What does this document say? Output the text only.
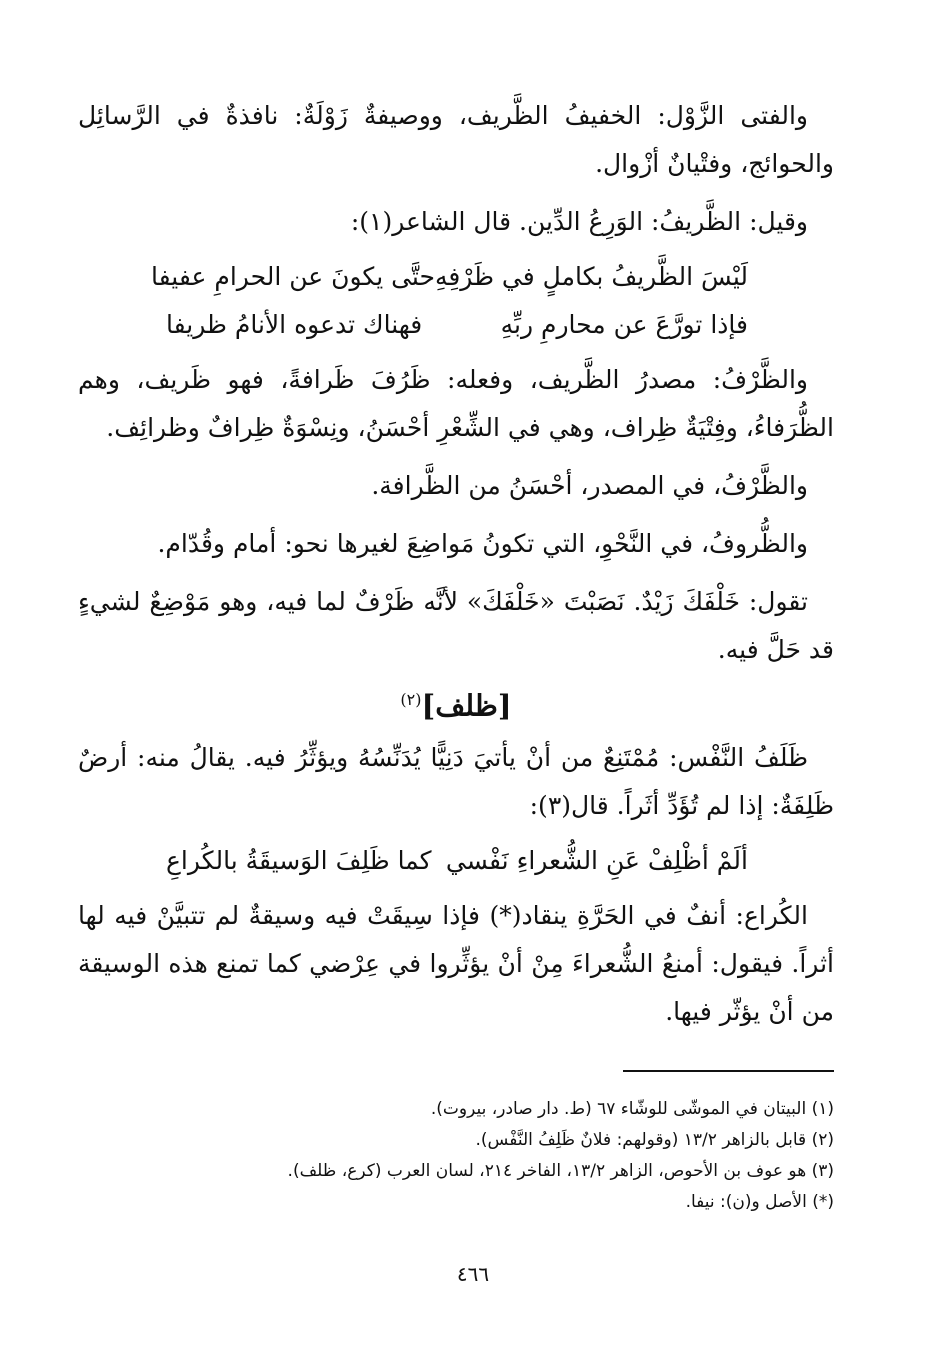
والفتى الزَّوْل: الخفيفُ الظَّريف، ووصيفةٌ زَوْلَةٌ: نافذةٌ في الرَّسائِل والحوائج، وفتْيانٌ أزْوال.

وقيل: الظَّريفُ: الوَرِعُ الدِّين. قال الشاعر(١):

لَيْسَ الظَّريفُ بكاملٍ في ظَرْفِهِ
حتَّى يكونَ عن الحرامِ عفيفا
فإذا تورَّعَ عن محارمِ ربِّهِ
فهناك تدعوه الأنامُ ظريفا

والظَّرْفُ: مصدرُ الظَّريف، وفعله: ظَرُفَ ظَرافةً، فهو ظَريف، وهم الظُّرَفاءُ، وفِتْيَةٌ ظِراف، وهي في الشِّعْرِ أحْسَنُ، ونِسْوَةٌ ظِرافٌ وظرائِف.

والظَّرْفُ، في المصدر، أحْسَنُ من الظَّرافة.

والظُّروفُ، في النَّحْوِ، التي تكونُ مَواضِعَ لغيرها نحو: أمام وقُدّام.

تقول: خَلْفَكَ زَيْدٌ. نَصَبْتَ «خَلْفَكَ» لأنَّه ظَرْفٌ لما فيه، وهو مَوْضِعٌ لشيءٍ قد حَلَّ فيه.

[ظلف]$^{(٢)}$

ظَلَفُ النَّفْس: مُمْتَنِعٌ من أنْ يأتيَ دَنِيًّا يُدَنِّسُهُ ويؤثِّرُ فيه. يقالُ منه: أرضٌ ظَلِفَةٌ: إذا لم تُؤَدِّ أثَراً. قال(٣):

ألَمْ أظْلِفْ عَنِ الشُّعراءِ نَفْسي
كما ظَلِفَ الوَسيقَةُ بالكُراعِ

الكُراع: أنفٌ في الحَرَّةِ ينقاد(*) فإذا سِيقَتْ فيه وسيقةٌ لم تتبيَّنْ فيه لها أثراً. فيقول: أمنعُ الشُّعراءَ مِنْ أنْ يؤثِّروا في عِرْضي كما تمنع هذه الوسيقة من أنْ يؤثّر فيها.

(١) البيتان في الموشّى للوشّاء ٦٧ (ط. دار صادر، بيروت).

(٢) قابل بالزاهر ١٣/٢ (وقولهم: فلانٌ ظَلِفُ النَّفْس).

(٣) هو عوف بن الأحوص، الزاهر ١٣/٢، الفاخر ٢١٤، لسان العرب (كرع، ظلف).

(*) الأصل و(ن): نيفا.

٤٦٦
